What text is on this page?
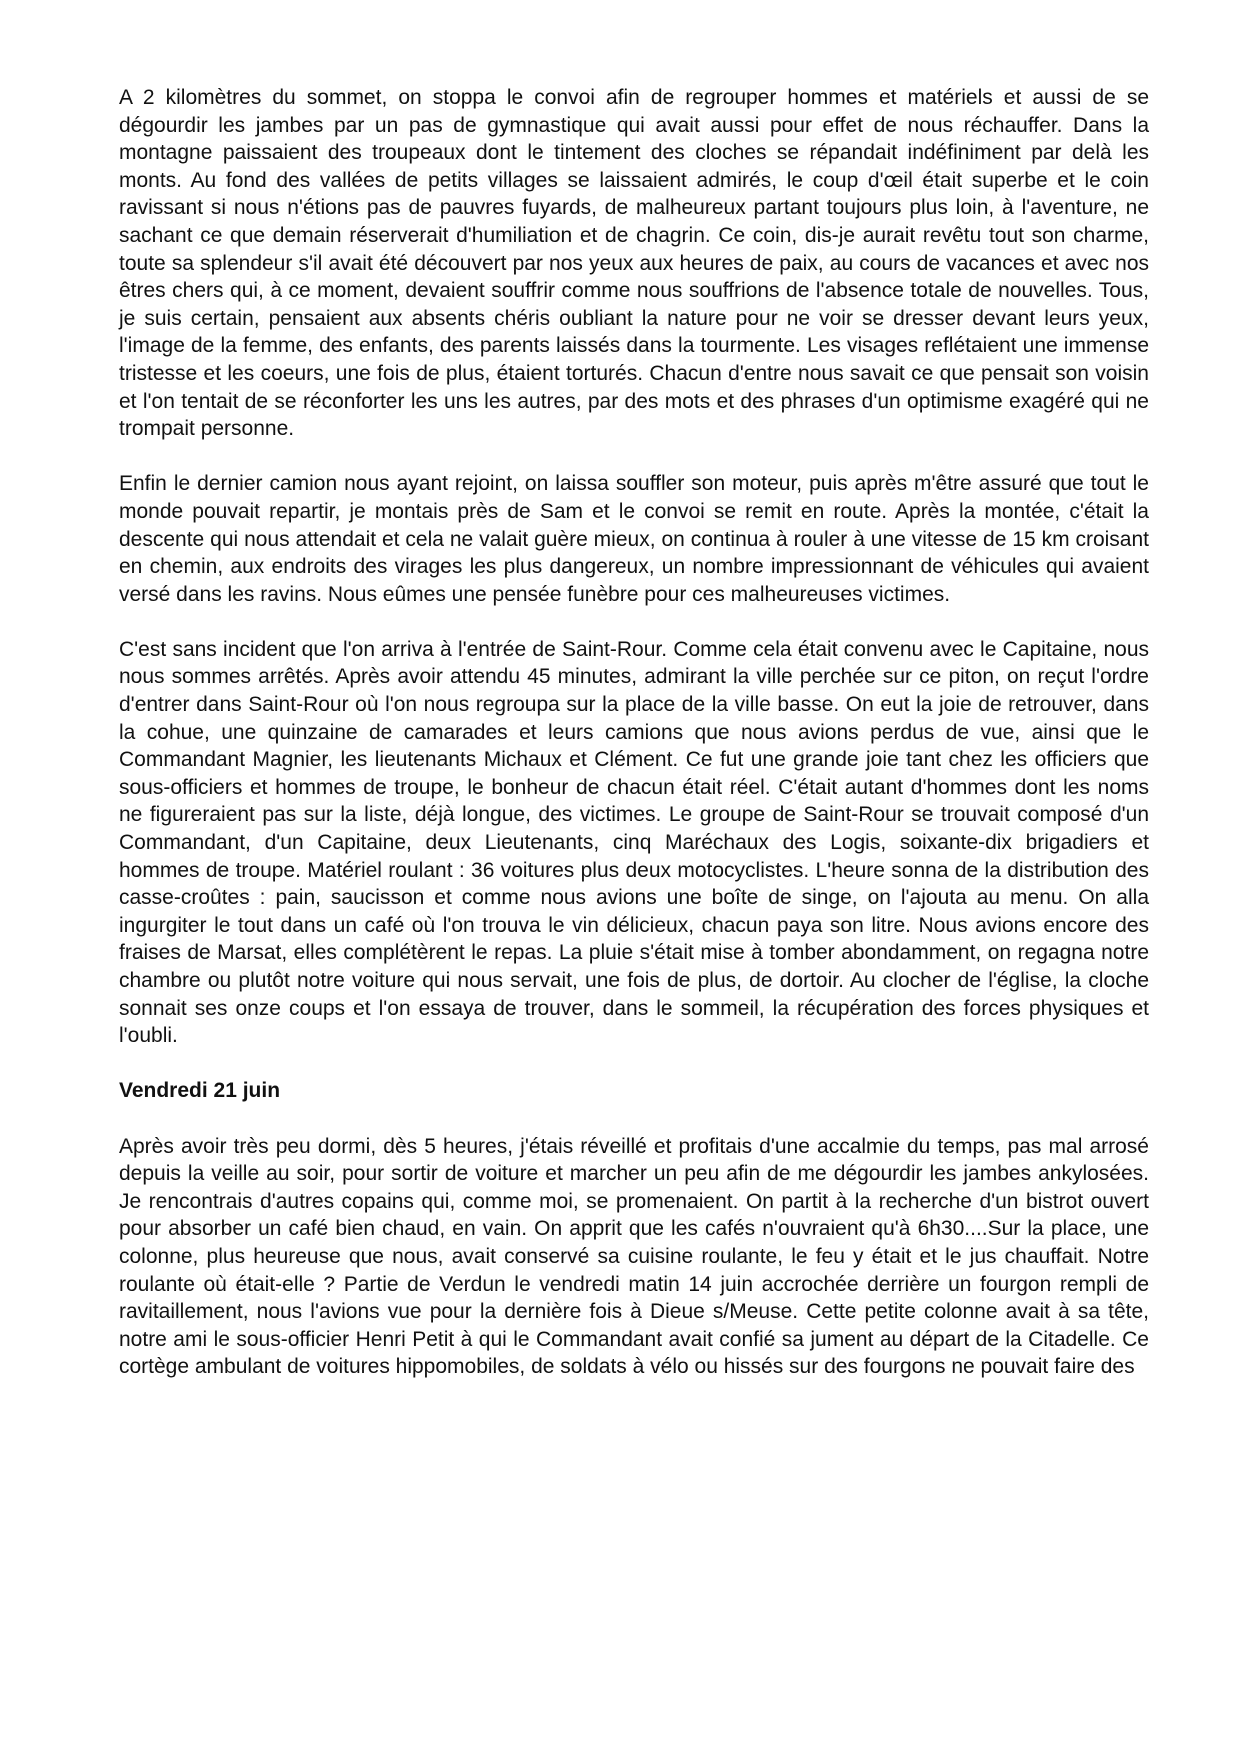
A 2 kilomètres du sommet, on stoppa le convoi afin de regrouper hommes et matériels et aussi de se dégourdir les jambes par un pas de gymnastique qui avait aussi pour effet de nous réchauffer. Dans la montagne paissaient des troupeaux dont le tintement des cloches se répandait indéfiniment par delà les monts. Au fond des vallées de petits villages se laissaient admirés, le coup d'œil était superbe et le coin ravissant si nous n'étions pas de pauvres fuyards, de malheureux partant toujours plus loin, à l'aventure, ne sachant ce que demain réserverait d'humiliation et de chagrin. Ce coin, dis-je aurait revêtu tout son charme, toute sa splendeur s'il avait été découvert par nos yeux aux heures de paix, au cours de vacances et avec nos êtres chers qui, à ce moment, devaient souffrir comme nous souffrions de l'absence totale de nouvelles. Tous, je suis certain, pensaient aux absents chéris oubliant la nature pour ne voir se dresser devant leurs yeux, l'image de la femme, des enfants, des parents laissés dans la tourmente. Les visages reflétaient une immense tristesse et les coeurs, une fois de plus, étaient torturés. Chacun d'entre nous savait ce que pensait son voisin et l'on tentait de se réconforter les uns les autres, par des mots et des phrases d'un optimisme exagéré qui ne trompait personne.

Enfin le dernier camion nous ayant rejoint, on laissa souffler son moteur, puis après m'être assuré que tout le monde pouvait repartir, je montais près de Sam et le convoi se remit en route. Après la montée, c'était la descente qui nous attendait et cela ne valait guère mieux, on continua à rouler à une vitesse de 15 km croisant en chemin, aux endroits des virages les plus dangereux, un nombre impressionnant de véhicules qui avaient versé dans les ravins. Nous eûmes une pensée funèbre pour ces malheureuses victimes.

C'est sans incident que l'on arriva à l'entrée de Saint-Rour. Comme cela était convenu avec le Capitaine, nous nous sommes arrêtés. Après avoir attendu 45 minutes, admirant la ville perchée sur ce piton, on reçut l'ordre d'entrer dans Saint-Rour où l'on nous regroupa sur la place de la ville basse. On eut la joie de retrouver, dans la cohue, une quinzaine de camarades et leurs camions que nous avions perdus de vue, ainsi que le Commandant Magnier, les lieutenants Michaux et Clément. Ce fut une grande joie tant chez les officiers que sous-officiers et hommes de troupe, le bonheur de chacun était réel. C'était autant d'hommes dont les noms ne figureraient pas sur la liste, déjà longue, des victimes. Le groupe de Saint-Rour se trouvait composé d'un Commandant, d'un Capitaine, deux Lieutenants, cinq Maréchaux des Logis, soixante-dix brigadiers et hommes de troupe. Matériel roulant : 36 voitures plus deux motocyclistes. L'heure sonna de la distribution des casse-croûtes : pain, saucisson et comme nous avions une boîte de singe, on l'ajouta au menu. On alla ingurgiter le tout dans un café où l'on trouva le vin délicieux, chacun paya son litre. Nous avions encore des fraises de Marsat, elles complétèrent le repas. La pluie s'était mise à tomber abondamment, on regagna notre chambre ou plutôt notre voiture qui nous servait, une fois de plus, de dortoir. Au clocher de l'église, la cloche sonnait ses onze coups et l'on essaya de trouver, dans le sommeil, la récupération des forces physiques et l'oubli.

Vendredi 21 juin

Après avoir très peu dormi, dès 5 heures, j'étais réveillé et profitais d'une accalmie du temps, pas mal arrosé depuis la veille au soir, pour sortir de voiture et marcher un peu afin de me dégourdir les jambes ankylosées. Je rencontrais d'autres copains qui, comme moi, se promenaient. On partit à la recherche d'un bistrot ouvert pour absorber un café bien chaud, en vain. On apprit que les cafés n'ouvraient qu'à 6h30....Sur la place, une colonne, plus heureuse que nous, avait conservé sa cuisine roulante, le feu y était et le jus chauffait. Notre roulante où était-elle ? Partie de Verdun le vendredi matin 14 juin accrochée derrière un fourgon rempli de ravitaillement, nous l'avions vue pour la dernière fois à Dieue s/Meuse. Cette petite colonne avait à sa tête, notre ami le sous-officier Henri Petit à qui le Commandant avait confié sa jument au départ de la Citadelle. Ce cortège ambulant de voitures hippomobiles, de soldats à vélo ou hissés sur des fourgons ne pouvait faire des
